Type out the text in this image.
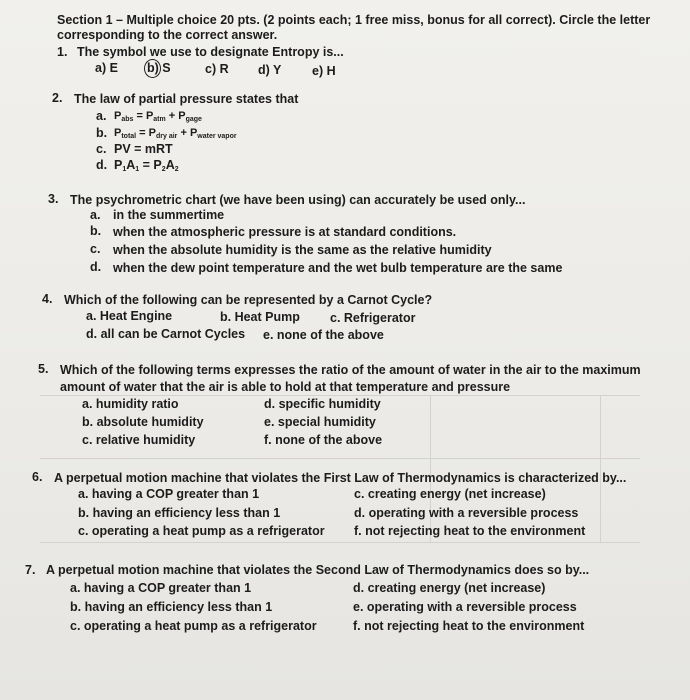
Section 1 – Multiple choice 20 pts. (2 points each; 1 free miss, bonus for all correct). Circle the letter
corresponding to the correct answer.
1. The symbol we use to designate Entropy is...
a) E b) S	c) R d) Y e) H
2. The law of partial pressure states that
a. $P_{abs} = P_{atm} + P_{gage}$
b. $P_{total} = P_{dry air} + P_{water vapor}$
c. PV = mRT
d. $P_1A_1 = P_2A_2$
3. The psychrometric chart (we have been using) can accurately be used only...
a. in the summertime
b. when the atmospheric pressure is at standard conditions.
c. when the absolute humidity is the same as the relative humidity
d. when the dew point temperature and the wet bulb temperature are the same
4. Which of the following can be represented by a Carnot Cycle?
a. Heat Engine	b. Heat Pump c. Refrigerator
d. all can be Carnot Cycles e. none of the above
5. Which of the following terms expresses the ratio of the amount of water in the air to the maximum
amount of water that the air is able to hold at that temperature and pressure
a. humidity ratio	d. specific humidity
b. absolute humidity	e. special humidity
c. relative humidity	f. none of the above
6. A perpetual motion machine that violates the First Law of Thermodynamics is characterized by...
a. having a COP greater than 1	c. creating energy (net increase)
b. having an efficiency less than 1	d. operating with a reversible process
c. operating a heat pump as a refrigerator f. not rejecting heat to the environment
7. A perpetual motion machine that violates the Second Law of Thermodynamics does so by...
a. having a COP greater than 1	d. creating energy (net increase)
b. having an efficiency less than 1	e. operating with a reversible process
c. operating a heat pump as a refrigerator	f. not rejecting heat to the environment
